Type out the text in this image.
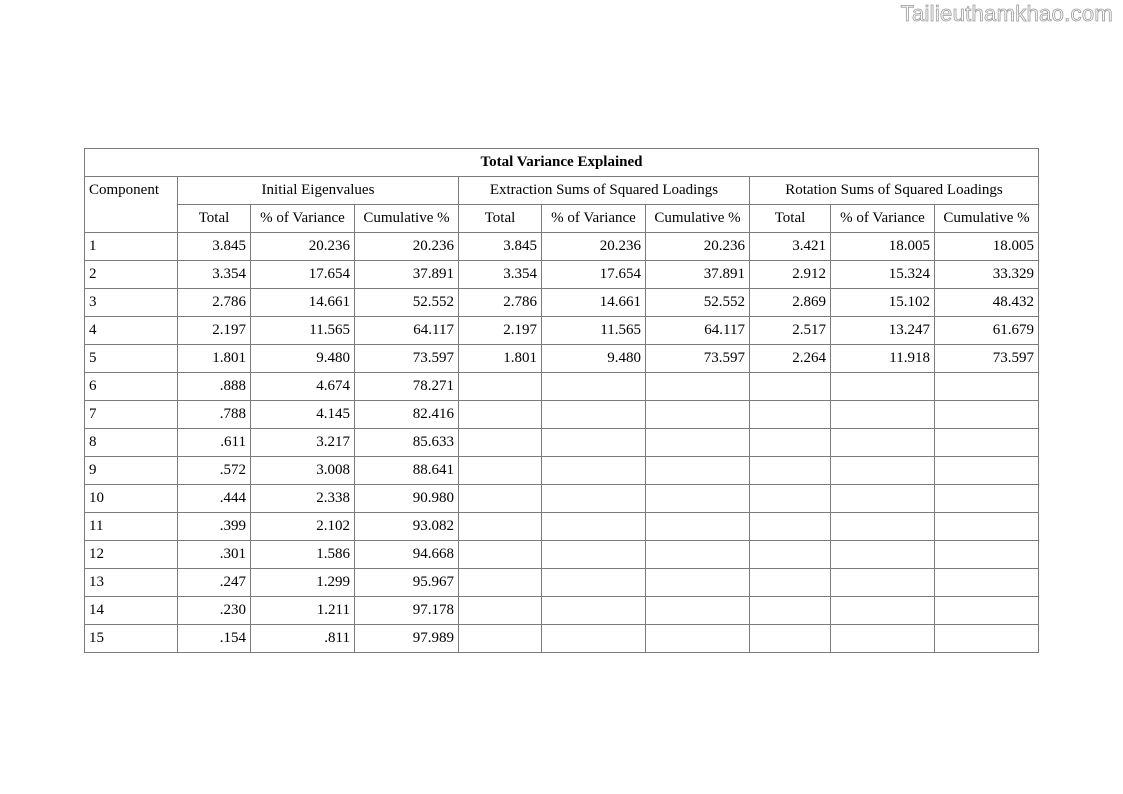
Tailieuthamkhao.com
Total Variance Explained									
Component	Initial Eigenvalues			Extraction Sums of Squared Loadings			Rotation Sums of Squared Loadings		
	Total	% of Variance	Cumulative %	Total	% of Variance	Cumulative %	Total	% of Variance	Cumulative %
1	3.845	20.236	20.236	3.845	20.236	20.236	3.421	18.005	18.005
2	3.354	17.654	37.891	3.354	17.654	37.891	2.912	15.324	33.329
3	2.786	14.661	52.552	2.786	14.661	52.552	2.869	15.102	48.432
4	2.197	11.565	64.117	2.197	11.565	64.117	2.517	13.247	61.679
5	1.801	9.480	73.597	1.801	9.480	73.597	2.264	11.918	73.597
6	.888	4.674	78.271						
7	.788	4.145	82.416						
8	.611	3.217	85.633						
9	.572	3.008	88.641						
10	.444	2.338	90.980						
11	.399	2.102	93.082						
12	.301	1.586	94.668						
13	.247	1.299	95.967						
14	.230	1.211	97.178						
15	.154	.811	97.989						
